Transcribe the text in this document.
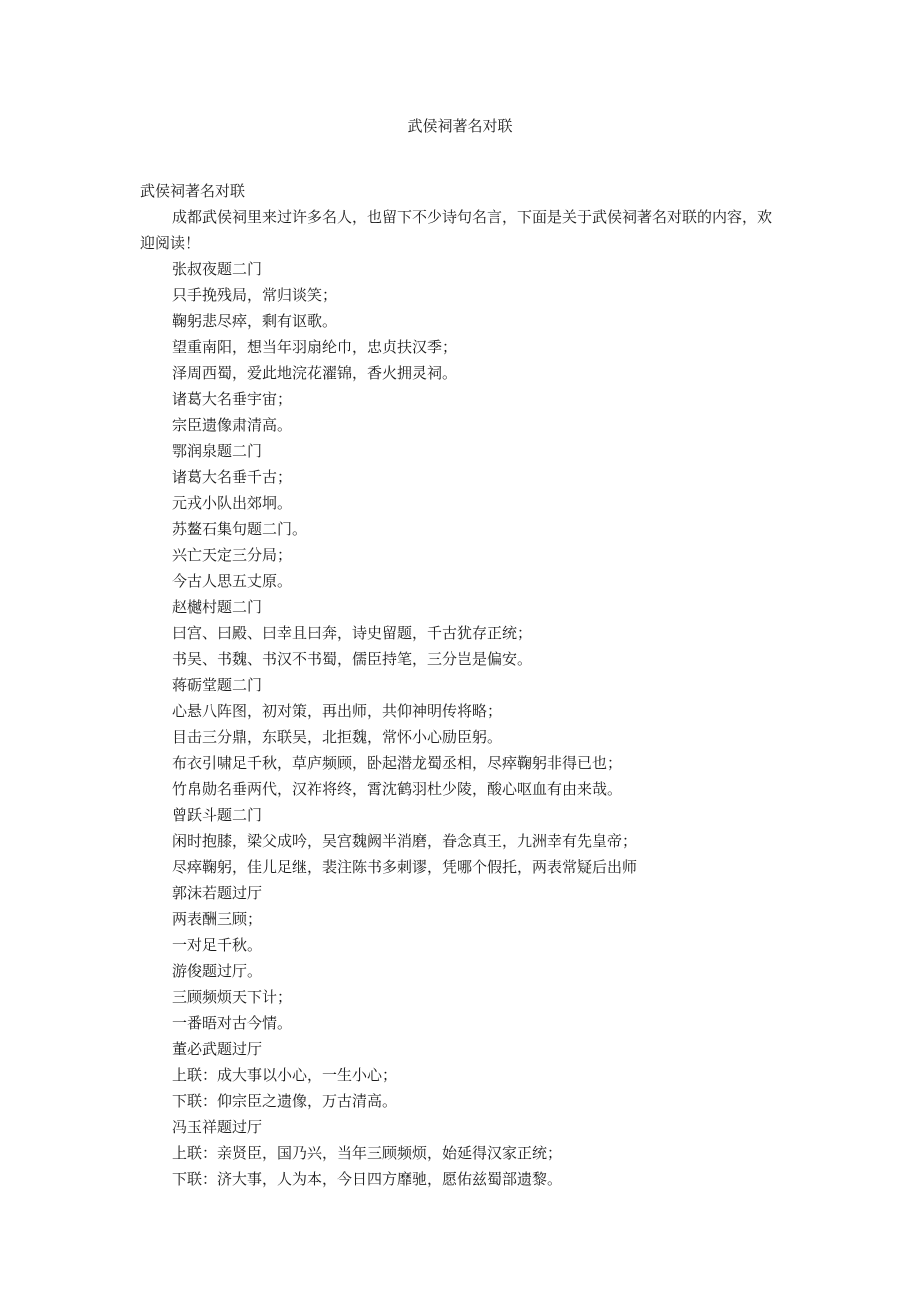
武侯祠著名对联
武侯祠著名对联

成都武侯祠里来过许多名人，也留下不少诗句名言，下面是关于武侯祠著名对联的内容，欢迎阅读！

张叔夜题二门
只手挽残局，常归谈笑；
鞠躬悲尽瘁，剩有讴歌。
望重南阳，想当年羽扇纶巾，忠贞扶汉季；
泽周西蜀，爱此地浣花濯锦，香火拥灵祠。
诸葛大名垂宇宙；
宗臣遗像肃清高。
鄂润泉题二门
诸葛大名垂千古；
元戎小队出郊坰。
苏鳌石集句题二门。
兴亡天定三分局；
今古人思五丈原。
赵樾村题二门
曰宫、曰殿、曰幸且曰奔，诗史留题，千古犹存正统；
书吴、书魏、书汉不书蜀，儒臣持笔，三分岂是偏安。
蒋砺堂题二门
心悬八阵图，初对策，再出师，共仰神明传将略；
目击三分鼎，东联吴，北拒魏，常怀小心励臣躬。
布衣引啸足千秋，草庐频顾，卧起潜龙蜀丞相，尽瘁鞠躬非得已也；
竹帛勋名垂两代，汉祚将终，霄沈鹤羽杜少陵，酸心呕血有由来哉。
曾跃斗题二门
闲时抱膝，梁父成吟，吴宫魏阙半消磨，眷念真王，九洲幸有先皇帝；
尽瘁鞠躬，佳儿足继，裴注陈书多刺谬，凭哪个假托，两表常疑后出师
郭沫若题过厅
两表酬三顾；
一对足千秋。
游俊题过厅。
三顾频烦天下计；
一番晤对古今情。
董必武题过厅
上联：成大事以小心，一生小心；
下联：仰宗臣之遗像，万古清高。
冯玉祥题过厅
上联：亲贤臣，国乃兴，当年三顾频烦，始延得汉家正统；
下联：济大事，人为本，今日四方靡驰，愿佑兹蜀部遗黎。
